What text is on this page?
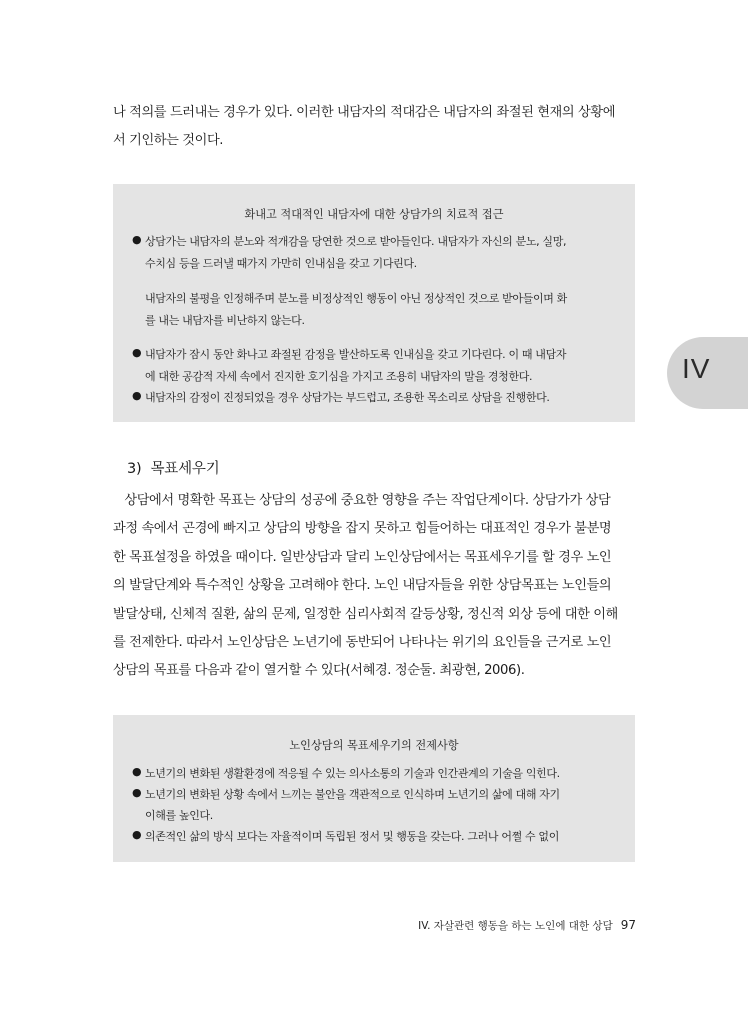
나 적의를 드러내는 경우가 있다. 이러한 내담자의 적대감은 내담자의 좌절된 현재의 상황에
서 기인하는 것이다.
화내고 적대적인 내담자에 대한 상담가의 치료적 접근
● 상담가는 내담자의 분노와 적개감을 당연한 것으로 받아들인다. 내담자가 자신의 분노, 실망,
수치심 등을 드러낼 때가지 가만히 인내심을 갖고 기다린다.
내담자의 불평을 인정해주며 분노를 비정상적인 행동이 아닌 정상적인 것으로 받아들이며 화
를 내는 내담자를 비난하지 않는다.
● 내담자가 잠시 동안 화나고 좌절된 감정을 발산하도록 인내심을 갖고 기다린다. 이 때 내담자
에 대한 공감적 자세 속에서 진지한 호기심을 가지고 조용히 내담자의 말을 경청한다.
● 내담자의 감정이 진정되었을 경우 상담가는 부드럽고, 조용한 목소리로 상담을 진행한다.
IV
3) 목표세우기
상담에서 명확한 목표는 상담의 성공에 중요한 영향을 주는 작업단계이다. 상담가가 상담
과정 속에서 곤경에 빠지고 상담의 방향을 잡지 못하고 힘들어하는 대표적인 경우가 불분명
한 목표설정을 하였을 때이다. 일반상담과 달리 노인상담에서는 목표세우기를 할 경우 노인
의 발달단계와 특수적인 상황을 고려해야 한다. 노인 내담자들을 위한 상담목표는 노인들의
발달상태, 신체적 질환, 삶의 문제, 일정한 심리사회적 갈등상황, 정신적 외상 등에 대한 이해
를 전제한다. 따라서 노인상담은 노년기에 동반되어 나타나는 위기의 요인들을 근거로 노인
상담의 목표를 다음과 같이 열거할 수 있다(서혜경. 정순둘. 최광현, 2006).
노인상담의 목표세우기의 전제사항
● 노년기의 변화된 생활환경에 적응될 수 있는 의사소통의 기술과 인간관계의 기술을 익힌다.
● 노년기의 변화된 상황 속에서 느끼는 불안을 객관적으로 인식하며 노년기의 삶에 대해 자기
이해를 높인다.
● 의존적인 삶의 방식 보다는 자율적이며 독립된 정서 및 행동을 갖는다. 그러나 어쩔 수 없이
IV. 자살관련 행동을 하는 노인에 대한 상담 97
